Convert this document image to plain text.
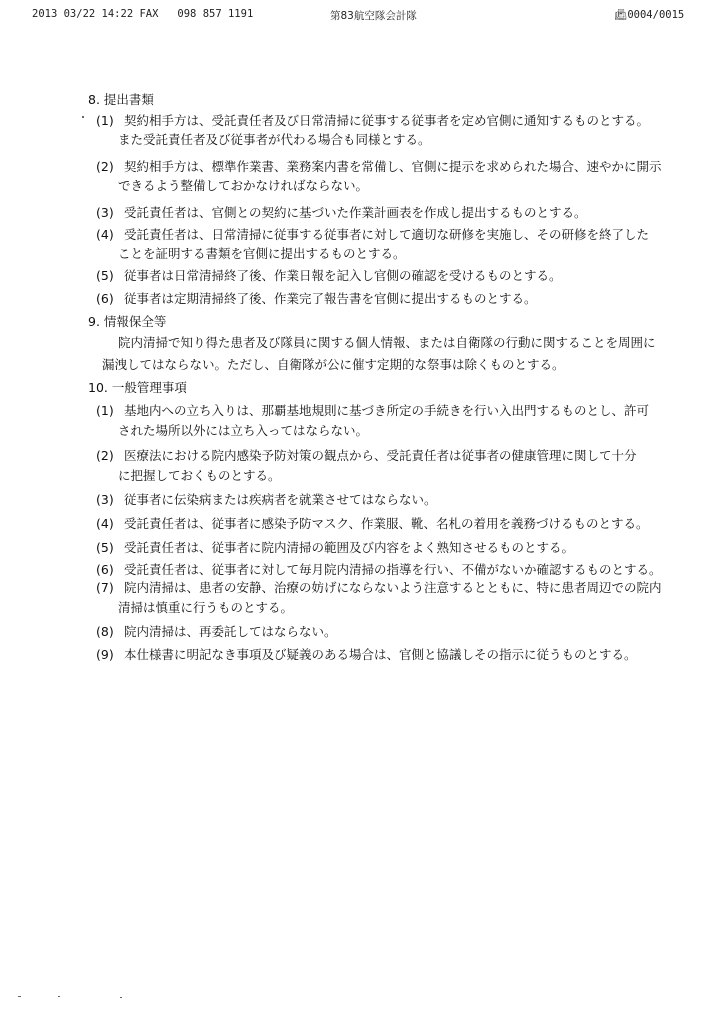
2013 03/22 14:22 FAX 098 857 1191	第83航空隊会計隊	📠︎0004/0015
8. 提出書類
(1) 契約相手方は、受託責任者及び日常清掃に従事する従事者を定め官側に通知するものとする。
また受託責任者及び従事者が代わる場合も同様とする。
(2) 契約相手方は、標準作業書、業務案内書を常備し、官側に提示を求められた場合、速やかに開示
できるよう整備しておかなければならない。
(3) 受託責任者は、官側との契約に基づいた作業計画表を作成し提出するものとする。
(4) 受託責任者は、日常清掃に従事する従事者に対して適切な研修を実施し、その研修を終了した
ことを証明する書類を官側に提出するものとする。
(5) 従事者は日常清掃終了後、作業日報を記入し官側の確認を受けるものとする。
(6) 従事者は定期清掃終了後、作業完了報告書を官側に提出するものとする。
9. 情報保全等
院内清掃で知り得た患者及び隊員に関する個人情報、または自衛隊の行動に関することを周囲に
漏洩してはならない。ただし、自衛隊が公に催す定期的な祭事は除くものとする。
10. 一般管理事項
(1) 基地内への立ち入りは、那覇基地規則に基づき所定の手続きを行い入出門するものとし、許可
された場所以外には立ち入ってはならない。
(2) 医療法における院内感染予防対策の観点から、受託責任者は従事者の健康管理に関して十分
に把握しておくものとする。
(3) 従事者に伝染病または疾病者を就業させてはならない。
(4) 受託責任者は、従事者に感染予防マスク、作業服、靴、名札の着用を義務づけるものとする。
(5) 受託責任者は、従事者に院内清掃の範囲及び内容をよく熟知させるものとする。
(6) 受託責任者は、従事者に対して毎月院内清掃の指導を行い、不備がないか確認するものとする。
(7) 院内清掃は、患者の安静、治療の妨げにならないよう注意するとともに、特に患者周辺での院内
清掃は慎重に行うものとする。
(8) 院内清掃は、再委託してはならない。
(9) 本仕様書に明記なき事項及び疑義のある場合は、官側と協議しその指示に従うものとする。
